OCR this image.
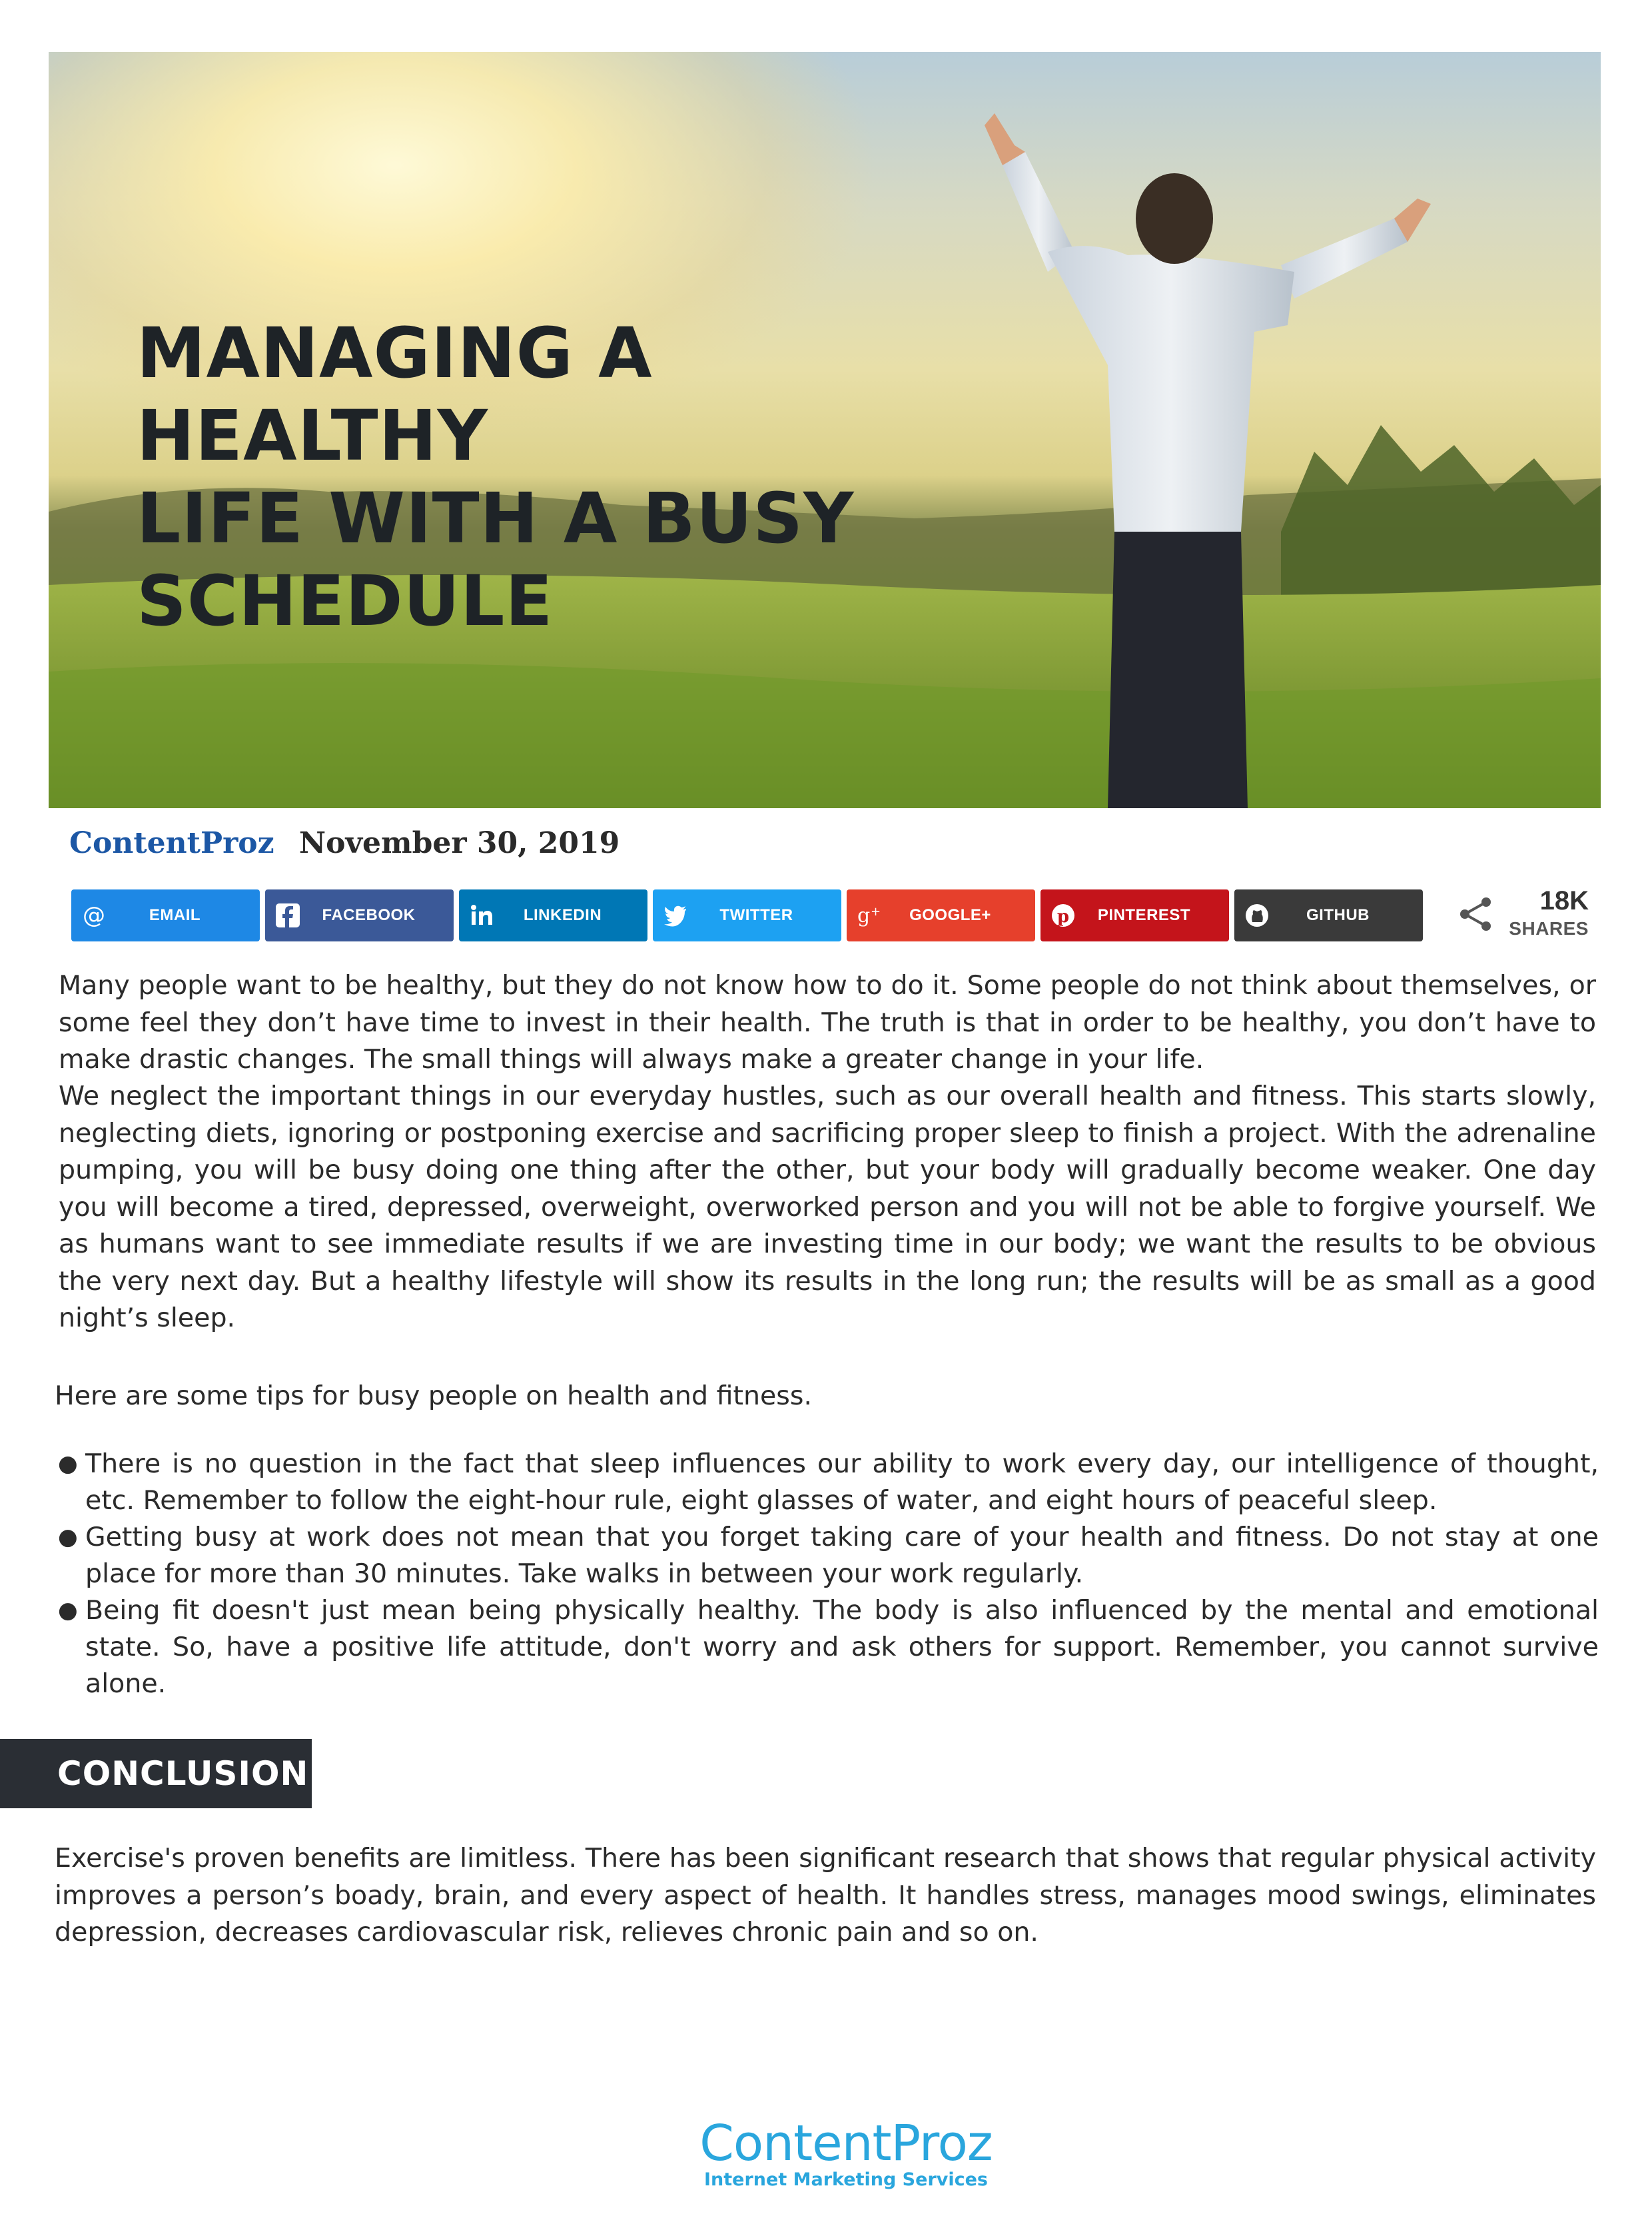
MANAGING A HEALTHY
LIFE WITH A BUSY
SCHEDULE
ContentProz November 30, 2019
@	EMAIL	FACEBOOK	LINKEDIN	TWITTER	g +	GOOGLE+	p	PINTEREST	GITHUB	18K
SHARES

Many people want to be healthy, but they do not know how to do it. Some people do not think about themselves, or some feel they don’t have time to invest in their health. The truth is that in order to be healthy, you don’t have to make drastic changes. The small things will always make a greater change in your life.

We neglect the important things in our everyday hustles, such as our overall health and fitness. This starts slowly, neglecting diets, ignoring or postponing exercise and sacrificing proper sleep to finish a project. With the adrenaline pumping, you will be busy doing one thing after the other, but your body will gradually become weaker. One day you will become a tired, depressed, overweight, overworked person and you will not be able to forgive yourself. We as humans want to see immediate results if we are investing time in our body; we want the results to be obvious the very next day. But a healthy lifestyle will show its results in the long run; the results will be as small as a good night’s sleep.

Here are some tips for busy people on health and fitness.

● There is no question in the fact that sleep influences our ability to work every day, our intelligence of thought, etc. Remember to follow the eight-hour rule, eight glasses of water, and eight hours of peaceful sleep.
● Getting busy at work does not mean that you forget taking care of your health and fitness. Do not stay at one place for more than 30 minutes. Take walks in between your work regularly.
● Being fit doesn't just mean being physically healthy. The body is also influenced by the mental and emotional state. So, have a positive life attitude, don't worry and ask others for support. Remember, you cannot survive alone.
CONCLUSION

Exercise's proven benefits are limitless. There has been significant research that shows that regular physical activity improves a person’s boady, brain, and every aspect of health. It handles stress, manages mood swings, eliminates depression, decreases cardiovascular risk, relieves chronic pain and so on.

ContentProz
Internet Marketing Services
